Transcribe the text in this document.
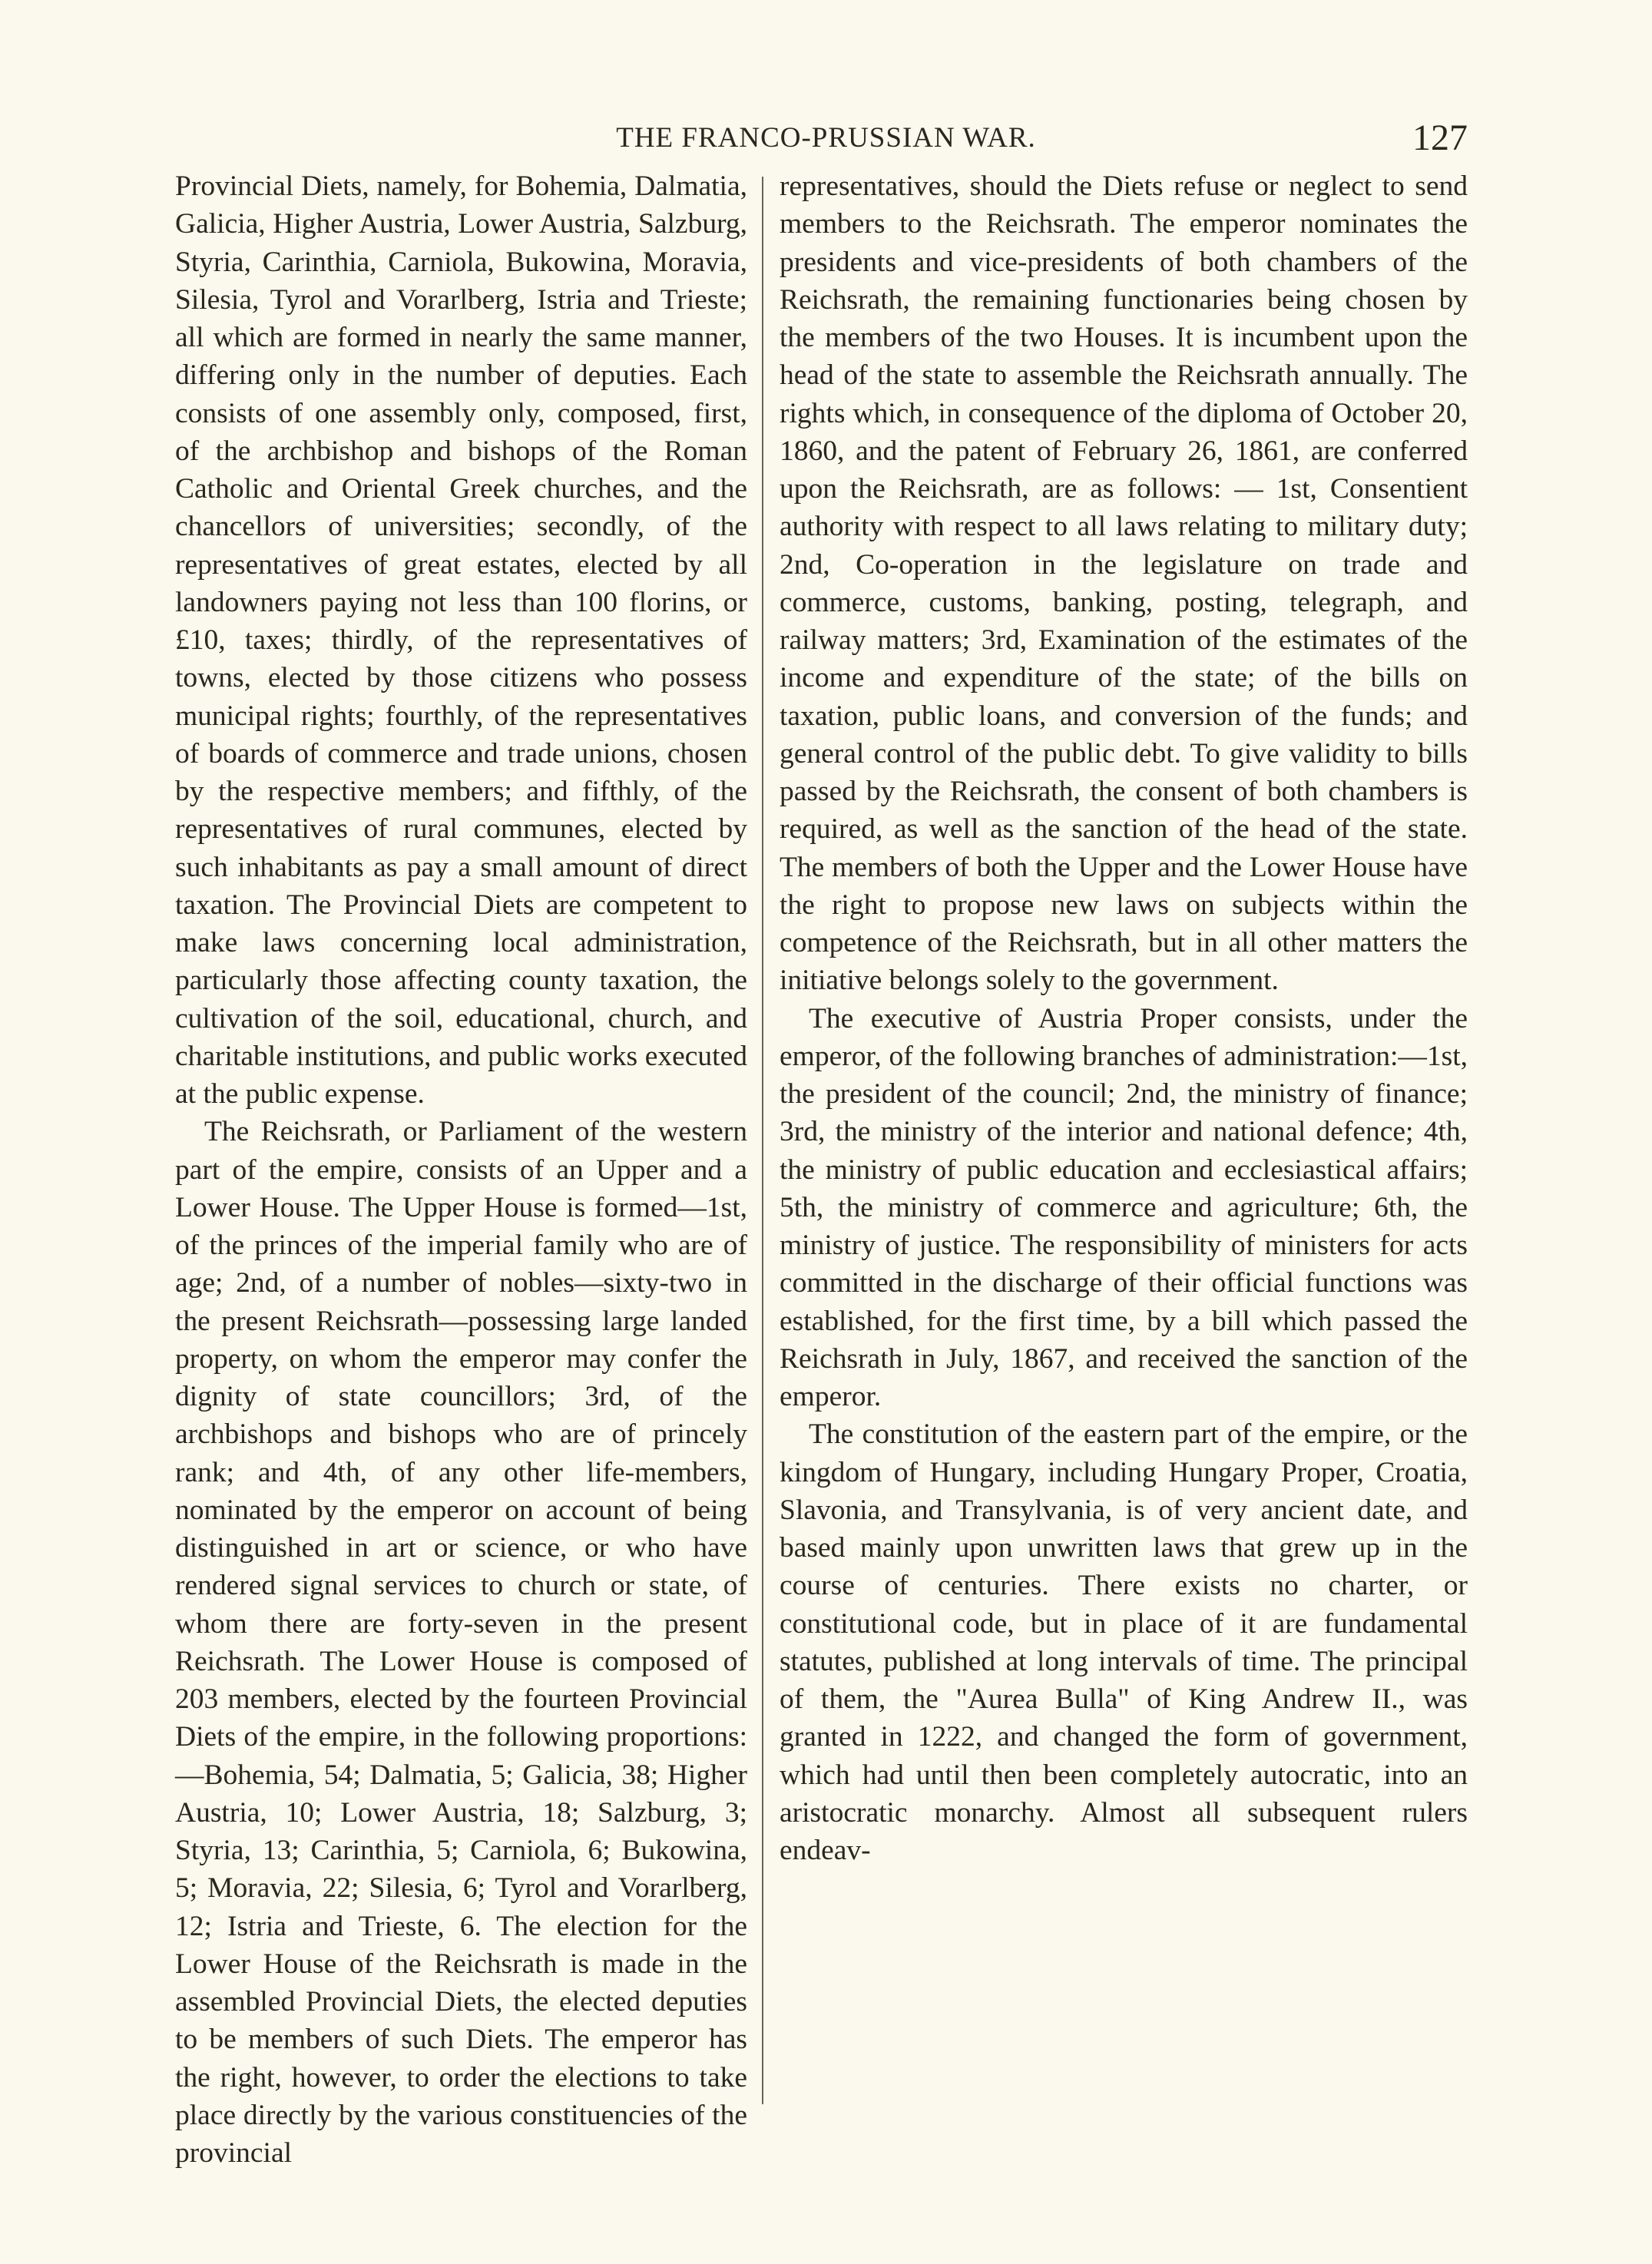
THE FRANCO-PRUSSIAN WAR.	127

Provincial Diets, namely, for Bohemia, Dalmatia, Galicia, Higher Austria, Lower Austria, Salzburg, Styria, Carinthia, Carniola, Bukowina, Moravia, Silesia, Tyrol and Vorarlberg, Istria and Trieste; all which are formed in nearly the same manner, differing only in the number of deputies. Each consists of one assembly only, composed, first, of the archbishop and bishops of the Roman Catholic and Oriental Greek churches, and the chancellors of universities; secondly, of the representatives of great estates, elected by all landowners paying not less than 100 florins, or £10, taxes; thirdly, of the representatives of towns, elected by those citizens who possess municipal rights; fourthly, of the representatives of boards of commerce and trade unions, chosen by the respective members; and fifthly, of the representatives of rural communes, elected by such inhabitants as pay a small amount of direct taxation. The Provincial Diets are competent to make laws concerning local administration, particularly those affecting county taxation, the cultivation of the soil, educational, church, and charitable institutions, and public works executed at the public expense.

The Reichsrath, or Parliament of the western part of the empire, consists of an Upper and a Lower House. The Upper House is formed—1st, of the princes of the imperial family who are of age; 2nd, of a number of nobles—sixty-two in the present Reichsrath—possessing large landed property, on whom the emperor may confer the dignity of state councillors; 3rd, of the archbishops and bishops who are of princely rank; and 4th, of any other life-members, nominated by the emperor on account of being distinguished in art or science, or who have rendered signal services to church or state, of whom there are forty-seven in the present Reichsrath. The Lower House is composed of 203 members, elected by the fourteen Provincial Diets of the empire, in the following proportions:—Bohemia, 54; Dalmatia, 5; Galicia, 38; Higher Austria, 10; Lower Austria, 18; Salzburg, 3; Styria, 13; Carinthia, 5; Carniola, 6; Bukowina, 5; Moravia, 22; Silesia, 6; Tyrol and Vorarlberg, 12; Istria and Trieste, 6. The election for the Lower House of the Reichsrath is made in the assembled Provincial Diets, the elected deputies to be members of such Diets. The emperor has the right, however, to order the elections to take place directly by the various constituencies of the provincial

representatives, should the Diets refuse or neglect to send members to the Reichsrath. The emperor nominates the presidents and vice-presidents of both chambers of the Reichsrath, the remaining functionaries being chosen by the members of the two Houses. It is incumbent upon the head of the state to assemble the Reichsrath annually. The rights which, in consequence of the diploma of October 20, 1860, and the patent of February 26, 1861, are conferred upon the Reichsrath, are as follows: — 1st, Consentient authority with respect to all laws relating to military duty; 2nd, Co-operation in the legislature on trade and commerce, customs, banking, posting, telegraph, and railway matters; 3rd, Examination of the estimates of the income and expenditure of the state; of the bills on taxation, public loans, and conversion of the funds; and general control of the public debt. To give validity to bills passed by the Reichsrath, the consent of both chambers is required, as well as the sanction of the head of the state. The members of both the Upper and the Lower House have the right to propose new laws on subjects within the competence of the Reichsrath, but in all other matters the initiative belongs solely to the government.

The executive of Austria Proper consists, under the emperor, of the following branches of administration:—1st, the president of the council; 2nd, the ministry of finance; 3rd, the ministry of the interior and national defence; 4th, the ministry of public education and ecclesiastical affairs; 5th, the ministry of commerce and agriculture; 6th, the ministry of justice. The responsibility of ministers for acts committed in the discharge of their official functions was established, for the first time, by a bill which passed the Reichsrath in July, 1867, and received the sanction of the emperor.

The constitution of the eastern part of the empire, or the kingdom of Hungary, including Hungary Proper, Croatia, Slavonia, and Transylvania, is of very ancient date, and based mainly upon unwritten laws that grew up in the course of centuries. There exists no charter, or constitutional code, but in place of it are fundamental statutes, published at long intervals of time. The principal of them, the "Aurea Bulla" of King Andrew II., was granted in 1222, and changed the form of government, which had until then been completely autocratic, into an aristocratic monarchy. Almost all subsequent rulers endeav-
